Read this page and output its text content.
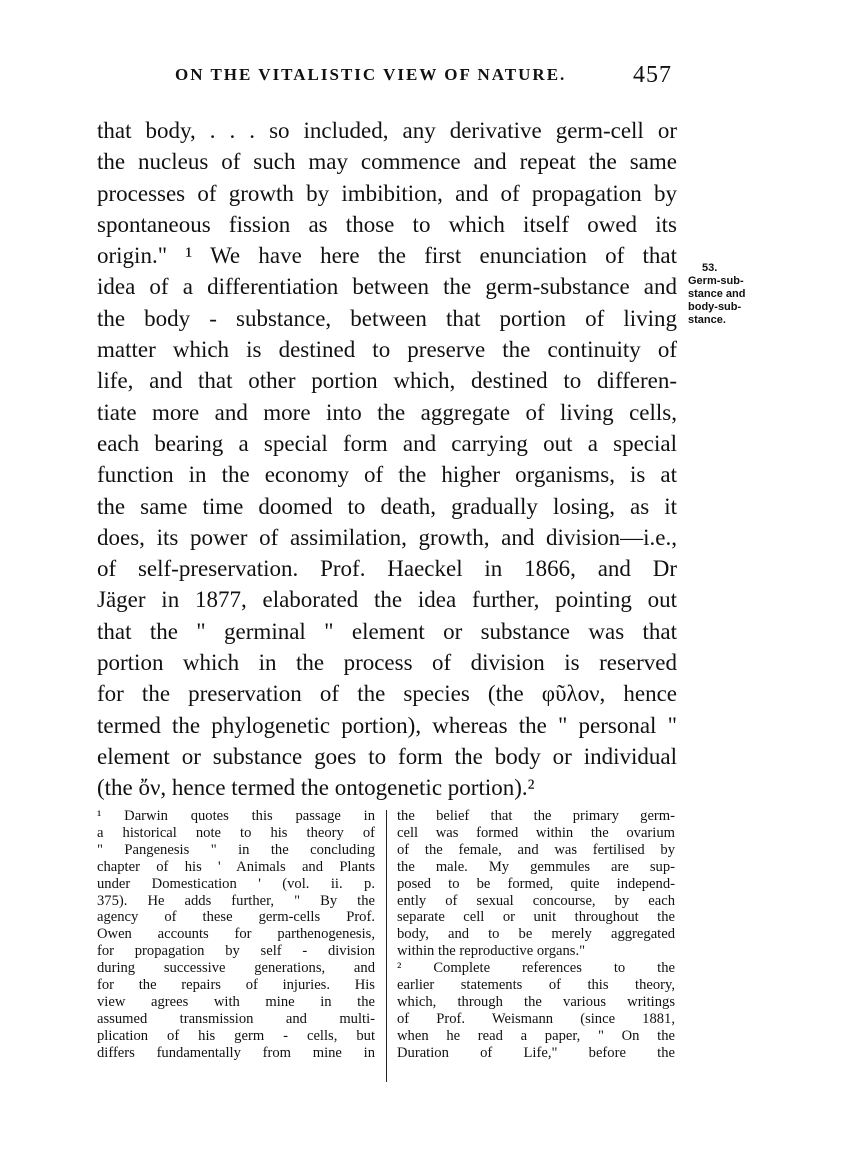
ON THE VITALISTIC VIEW OF NATURE.	457
that body, . . . so included, any derivative germ-cell or
the nucleus of such may commence and repeat the same
processes of growth by imbibition, and of propagation by
spontaneous fission as those to which itself owed its
origin." ¹ We have here the first enunciation of that
idea of a differentiation between the germ-substance and
the body - substance, between that portion of living
matter which is destined to preserve the continuity of
life, and that other portion which, destined to differen-
tiate more and more into the aggregate of living cells,
each bearing a special form and carrying out a special
function in the economy of the higher organisms, is at
the same time doomed to death, gradually losing, as it
does, its power of assimilation, growth, and division—i.e.,
of self-preservation. Prof. Haeckel in 1866, and Dr
Jäger in 1877, elaborated the idea further, pointing out
that the " germinal " element or substance was that
portion which in the process of division is reserved
for the preservation of the species (the φῦλον, hence
termed the phylogenetic portion), whereas the " personal "
element or substance goes to form the body or individual
(the ὄν, hence termed the ontogenetic portion).²
53.
Germ-sub-
stance and
body-sub-
stance.
¹ Darwin quotes this passage in
a historical note to his theory of
" Pangenesis " in the concluding
chapter of his ' Animals and Plants
under Domestication ' (vol. ii. p.
375). He adds further, " By the
agency of these germ-cells Prof.
Owen accounts for parthenogenesis,
for propagation by self - division
during successive generations, and
for the repairs of injuries. His
view agrees with mine in the
assumed transmission and multi-
plication of his germ - cells, but
differs fundamentally from mine in
the belief that the primary germ-
cell was formed within the ovarium
of the female, and was fertilised by
the male. My gemmules are sup-
posed to be formed, quite independ-
ently of sexual concourse, by each
separate cell or unit throughout the
body, and to be merely aggregated
within the reproductive organs."
² Complete references to the
earlier statements of this theory,
which, through the various writings
of Prof. Weismann (since 1881,
when he read a paper, " On the
Duration of Life," before the
